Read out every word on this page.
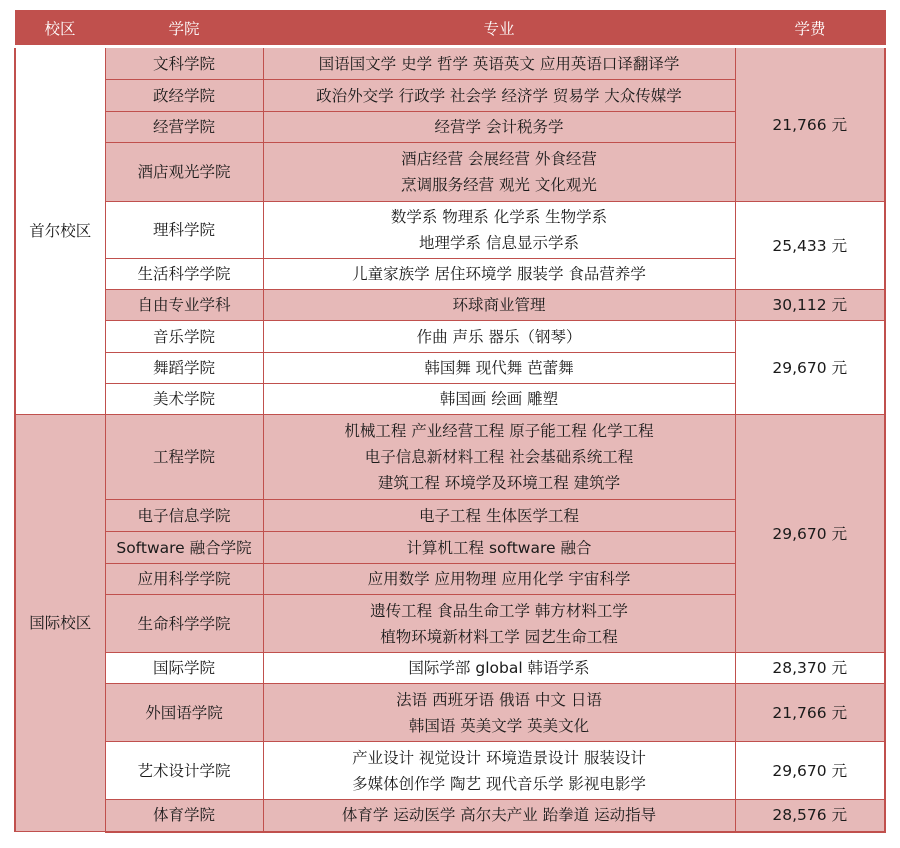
校区	学院	专业	学费
首尔校区	文科学院	国语国文学 史学 哲学 英语英文 应用英语口译翻译学	21,766 元
	政经学院	政治外交学 行政学 社会学 经济学 贸易学 大众传媒学	

	经营学院	经营学 会计税务学	

	酒店观光学院	酒店经营 会展经营 外食经营
烹调服务经营 观光 文化观光	

	理科学院	数学系 物理系 化学系 生物学系
地理学系 信息显示学系	25,433 元
	生活科学学院	儿童家族学 居住环境学 服装学 食品营养学	

	自由专业学科	环球商业管理	30,112 元
	音乐学院	作曲 声乐 器乐（钢琴）	29,670 元
	舞蹈学院	韩国舞 现代舞 芭蕾舞	

	美术学院	韩国画 绘画 雕塑	

国际校区	工程学院	机械工程 产业经营工程 原子能工程 化学工程
电子信息新材料工程 社会基础系统工程
建筑工程 环境学及环境工程 建筑学	29,670 元
	电子信息学院	电子工程 生体医学工程	

	Software 融合学院	计算机工程 software 融合	

	应用科学学院	应用数学 应用物理 应用化学 宇宙科学	

	生命科学学院	遗传工程 食品生命工学 韩方材料工学
植物环境新材料工学 园艺生命工程	

	国际学院	国际学部 global 韩语学系	28,370 元
	外国语学院	法语 西班牙语 俄语 中文 日语
韩国语 英美文学 英美文化	21,766 元
	艺术设计学院	产业设计 视觉设计 环境造景设计 服装设计
多媒体创作学 陶艺 现代音乐学 影视电影学	29,670 元
	体育学院	体育学 运动医学 高尔夫产业 跆拳道 运动指导	28,576 元
